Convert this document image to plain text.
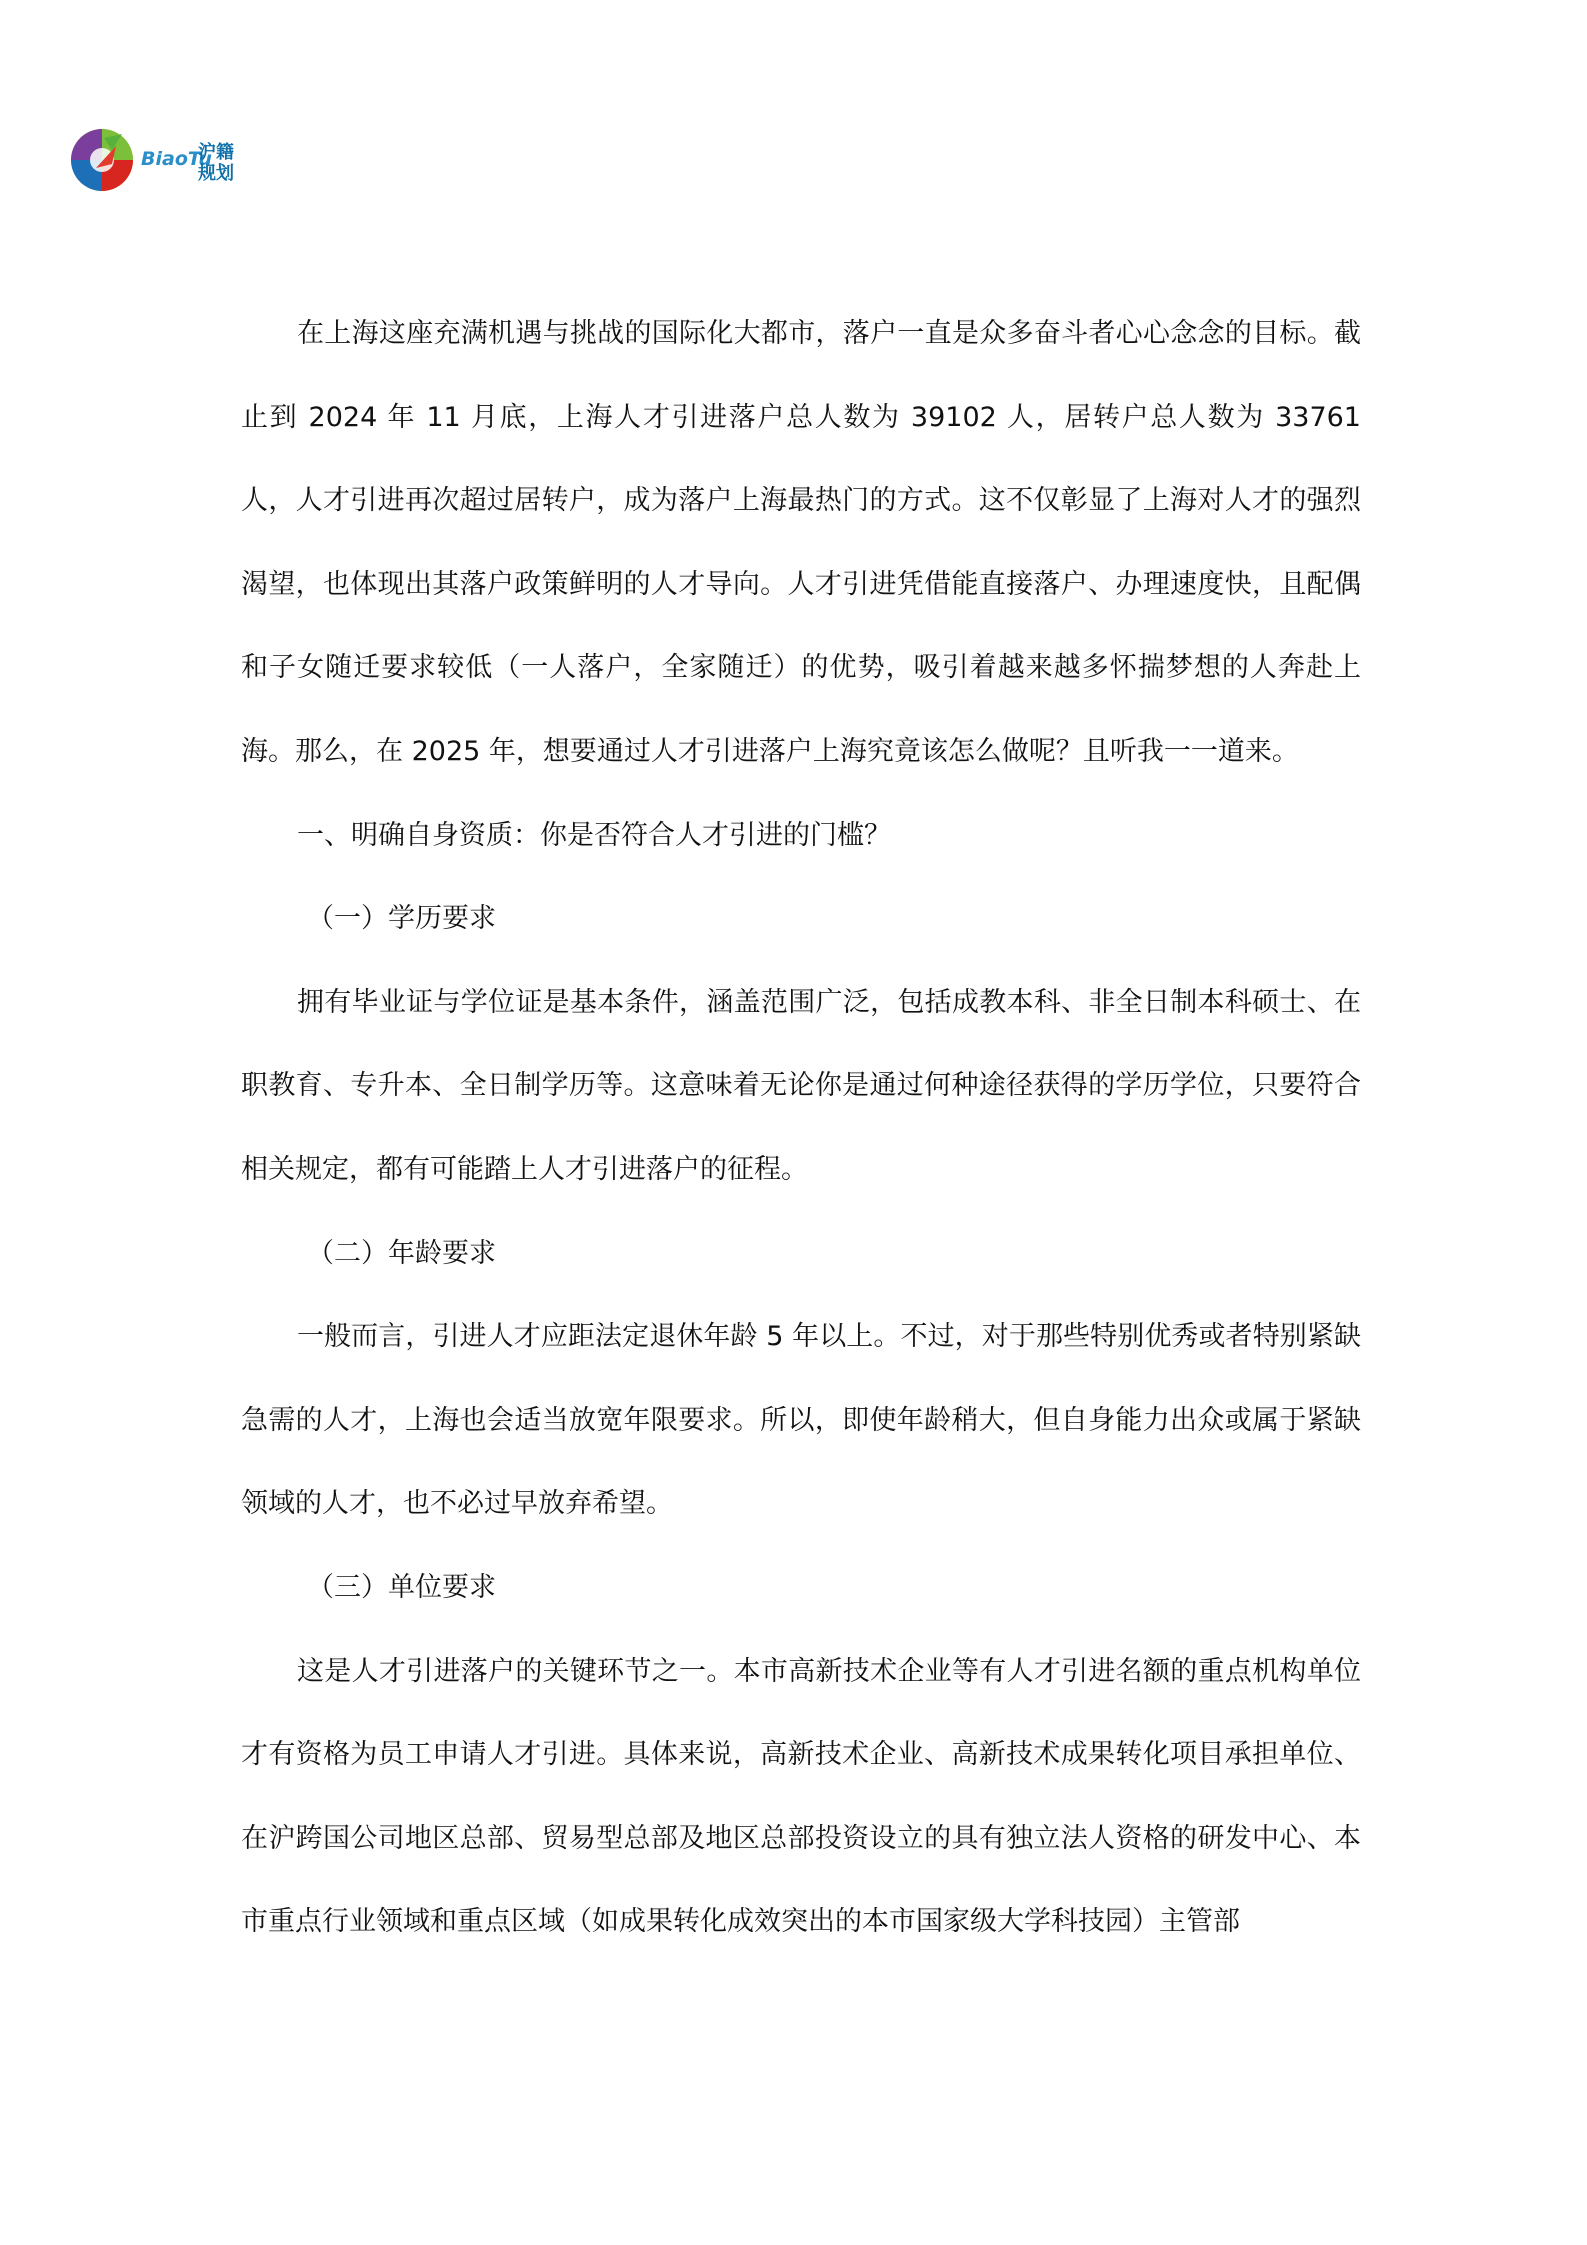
BiaoTu
沪籍
规划

在上海这座充满机遇与挑战的国际化大都市，落户一直是众多奋斗者心心念念的目标。截止到 2024 年 11 月底，上海人才引进落户总人数为 39102 人，居转户总人数为 33761 人，人才引进再次超过居转户，成为落户上海最热门的方式。这不仅彰显了上海对人才的强烈渴望，也体现出其落户政策鲜明的人才导向。人才引进凭借能直接落户、办理速度快，且配偶和子女随迁要求较低（一人落户，全家随迁）的优势，吸引着越来越多怀揣梦想的人奔赴上海。那么，在 2025 年，想要通过人才引进落户上海究竟该怎么做呢？且听我一一道来。

一、明确自身资质：你是否符合人才引进的门槛？

（一）学历要求

拥有毕业证与学位证是基本条件，涵盖范围广泛，包括成教本科、非全日制本科硕士、在职教育、专升本、全日制学历等。这意味着无论你是通过何种途径获得的学历学位，只要符合相关规定，都有可能踏上人才引进落户的征程。

（二）年龄要求

一般而言，引进人才应距法定退休年龄 5 年以上。不过，对于那些特别优秀或者特别紧缺急需的人才，上海也会适当放宽年限要求。所以，即使年龄稍大，但自身能力出众或属于紧缺领域的人才，也不必过早放弃希望。

（三）单位要求

这是人才引进落户的关键环节之一。本市高新技术企业等有人才引进名额的重点机构单位才有资格为员工申请人才引进。具体来说，高新技术企业、高新技术成果转化项目承担单位、在沪跨国公司地区总部、贸易型总部及地区总部投资设立的具有独立法人资格的研发中心、本市重点行业领域和重点区域（如成果转化成效突出的本市国家级大学科技园）主管部
